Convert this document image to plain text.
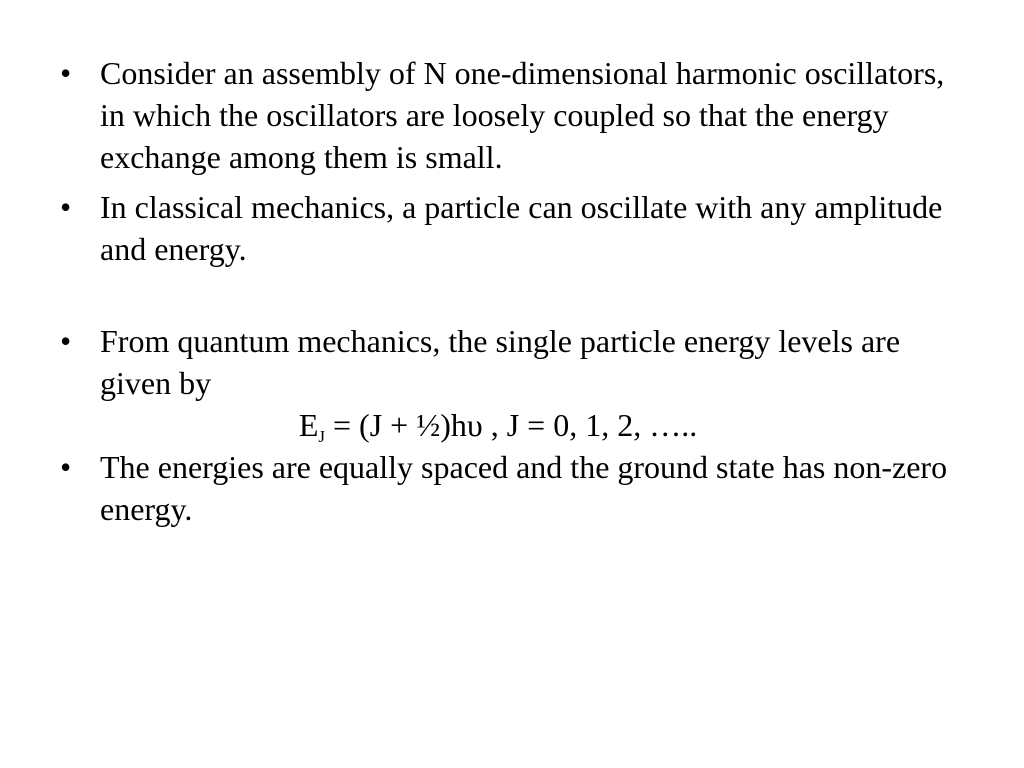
• Consider an assembly of N one-dimensional harmonic oscillators, in which the oscillators are loosely coupled so that the energy exchange among them is small.
• In classical mechanics, a particle can oscillate with any amplitude and energy.
• From quantum mechanics, the single particle energy levels are given by
$E_J = (J$ + ½)hυ , J = 0, 1, 2, …..
• The energies are equally spaced and the ground state has non-zero energy.
